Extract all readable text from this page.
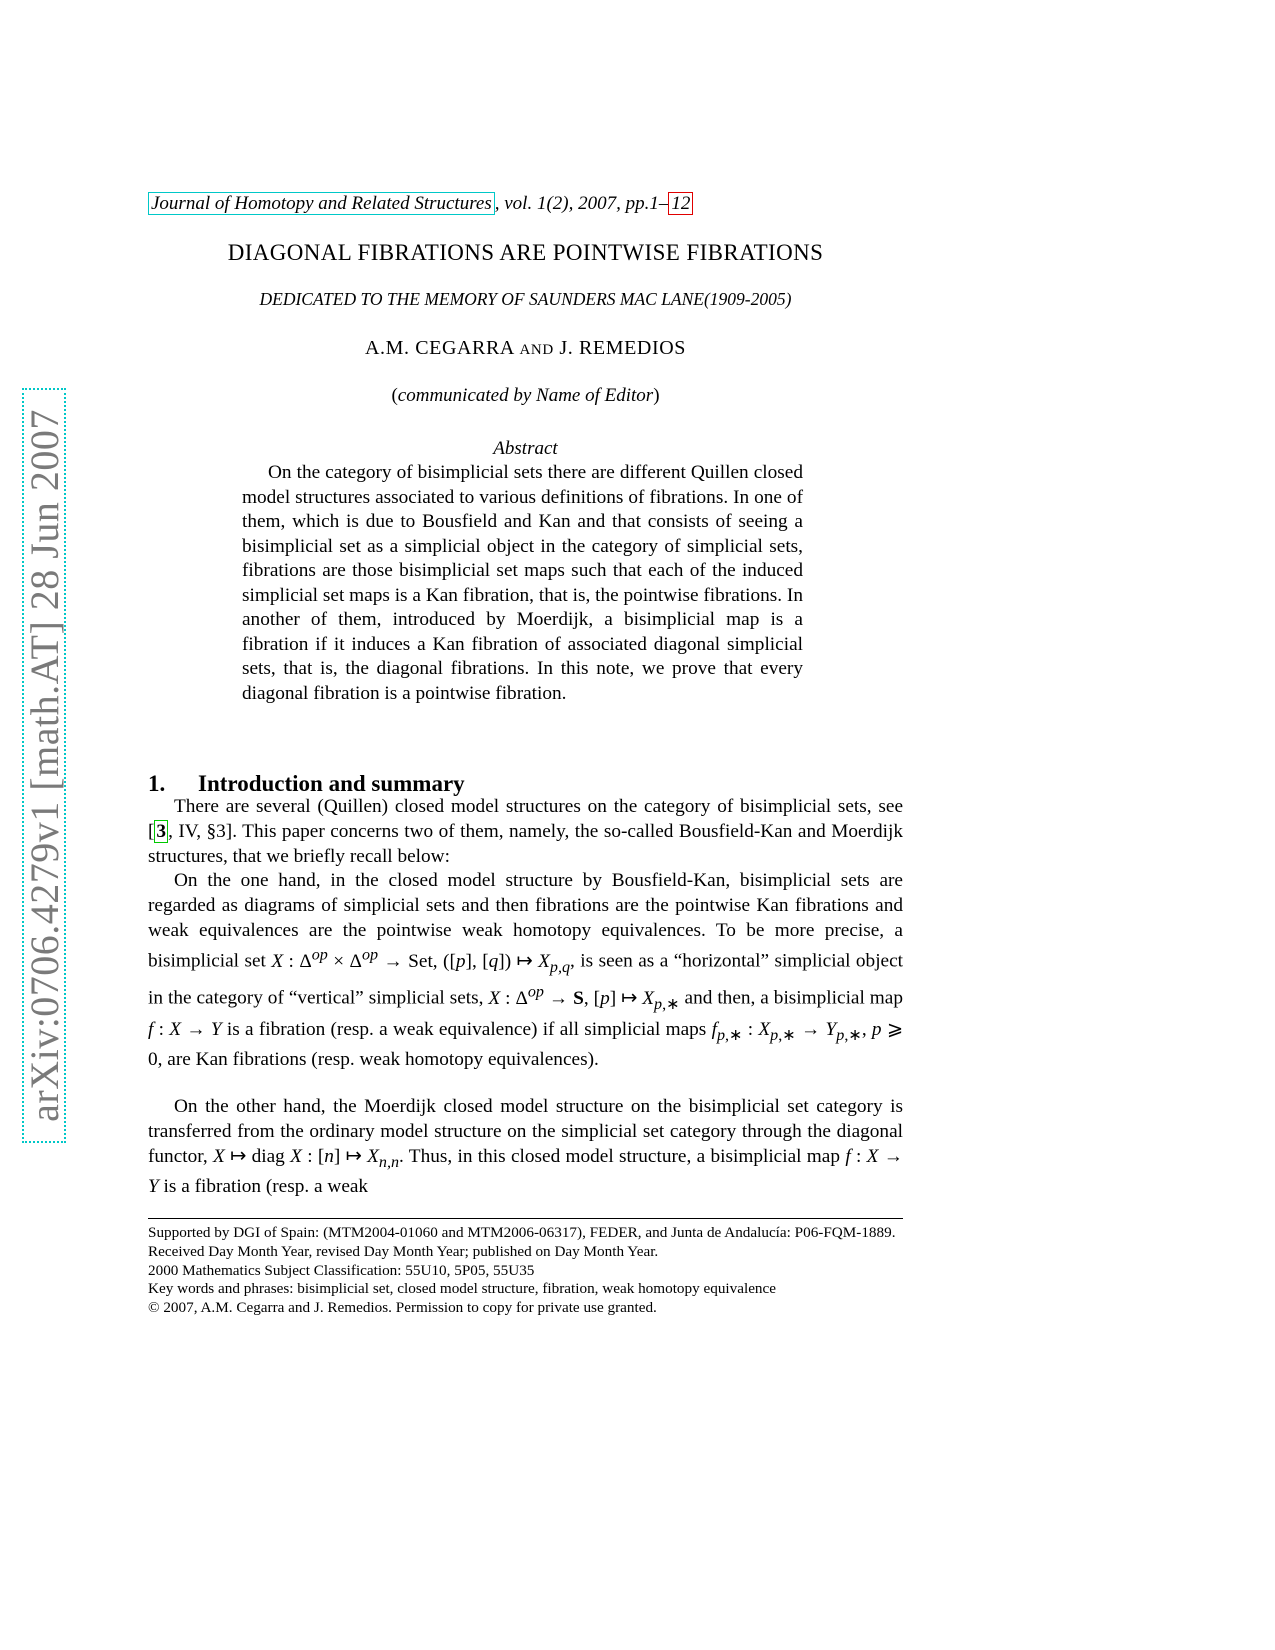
arXiv:0706.4279v1 [math.AT] 28 Jun 2007
Journal of Homotopy and Related Structures , vol. 1(2), 2007, pp.1– 12
DIAGONAL FIBRATIONS ARE POINTWISE FIBRATIONS
DEDICATED TO THE MEMORY OF SAUNDERS MAC LANE(1909-2005)
A.M. CEGARRA AND J. REMEDIOS
(communicated by Name of Editor)
Abstract
On the category of bisimplicial sets there are different Quillen closed model structures associated to various definitions of fibrations. In one of them, which is due to Bousfield and Kan and that consists of seeing a bisimplicial set as a simplicial object in the category of simplicial sets, fibrations are those bisimplicial set maps such that each of the induced simplicial set maps is a Kan fibration, that is, the pointwise fibrations. In another of them, introduced by Moerdijk, a bisimplicial map is a fibration if it induces a Kan fibration of associated diagonal simplicial sets, that is, the diagonal fibrations. In this note, we prove that every diagonal fibration is a pointwise fibration.
1. Introduction and summary
There are several (Quillen) closed model structures on the category of bisimplicial sets, see [ 3 , IV, §3]. This paper concerns two of them, namely, the so-called Bousfield-Kan and Moerdijk structures, that we briefly recall below:
On the one hand, in the closed model structure by Bousfield-Kan, bisimplicial sets are regarded as diagrams of simplicial sets and then fibrations are the pointwise Kan fibrations and weak equivalences are the pointwise weak homotopy equivalences. To be more precise, a bisimplicial set X : $\Delta^{op} \times \Delta^{op}$ → Set, ([p], [q]) ↦ $X_{p,q}$, is seen as a “horizontal” simplicial object in the category of “vertical” simplicial sets, X : $\Delta^{op} \to S$, [p] ↦ $X_{p,∗}$ and then, a bisimplicial map f : X → Y is a fibration (resp. a weak equivalence) if all simplicial maps $f_{p,∗}$ : $X_{p,∗} \to Y_{p,∗}$, p ⩾ 0, are Kan fibrations (resp. weak homotopy equivalences).
On the other hand, the Moerdijk closed model structure on the bisimplicial set category is transferred from the ordinary model structure on the simplicial set category through the diagonal functor, X ↦ diag X : [n] ↦ $X_{n,n}$. Thus, in this closed model structure, a bisimplicial map f : X → Y is a fibration (resp. a weak

Supported by DGI of Spain: (MTM2004-01060 and MTM2006-06317), FEDER, and Junta de Andalucía: P06-FQM-1889.

Received Day Month Year, revised Day Month Year; published on Day Month Year.

2000 Mathematics Subject Classification: 55U10, 5P05, 55U35

Key words and phrases: bisimplicial set, closed model structure, fibration, weak homotopy equivalence

© 2007, A.M. Cegarra and J. Remedios. Permission to copy for private use granted.
